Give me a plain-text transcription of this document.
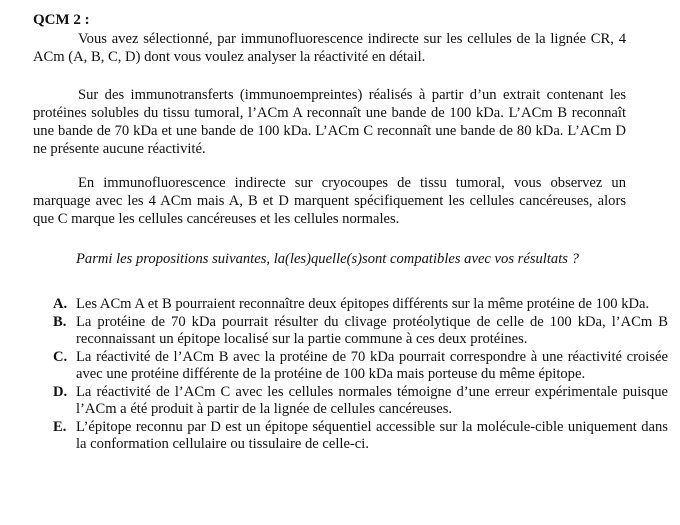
QCM 2 :

Vous avez sélectionné, par immunofluorescence indirecte sur les cellules de la lignée CR, 4 ACm (A, B, C, D) dont vous voulez analyser la réactivité en détail.

Sur des immunotransferts (immunoempreintes) réalisés à partir d’un extrait contenant les protéines solubles du tissu tumoral, l’ACm A reconnaît une bande de 100 kDa. L’ACm B reconnaît une bande de 70 kDa et une bande de 100 kDa. L’ACm C reconnaît une bande de 80 kDa. L’ACm D ne présente aucune réactivité.

En immunofluorescence indirecte sur cryocoupes de tissu tumoral, vous observez un marquage avec les 4 ACm mais A, B et D marquent spécifiquement les cellules cancéreuses, alors que C marque les cellules cancéreuses et les cellules normales.

Parmi les propositions suivantes, la(les)quelle(s)sont compatibles avec vos résultats ?

A. Les ACm A et B pourraient reconnaître deux épitopes différents sur la même protéine de 100 kDa.
B. La protéine de 70 kDa pourrait résulter du clivage protéolytique de celle de 100 kDa, l’ACm B reconnaissant un épitope localisé sur la partie commune à ces deux protéines.
C. La réactivité de l’ACm B avec la protéine de 70 kDa pourrait correspondre à une réactivité croisée avec une protéine différente de la protéine de 100 kDa mais porteuse du même épitope.
D. La réactivité de l’ACm C avec les cellules normales témoigne d’une erreur expérimentale puisque l’ACm a été produit à partir de la lignée de cellules cancéreuses.
E. L’épitope reconnu par D est un épitope séquentiel accessible sur la molécule-cible uniquement dans la conformation cellulaire ou tissulaire de celle-ci.
